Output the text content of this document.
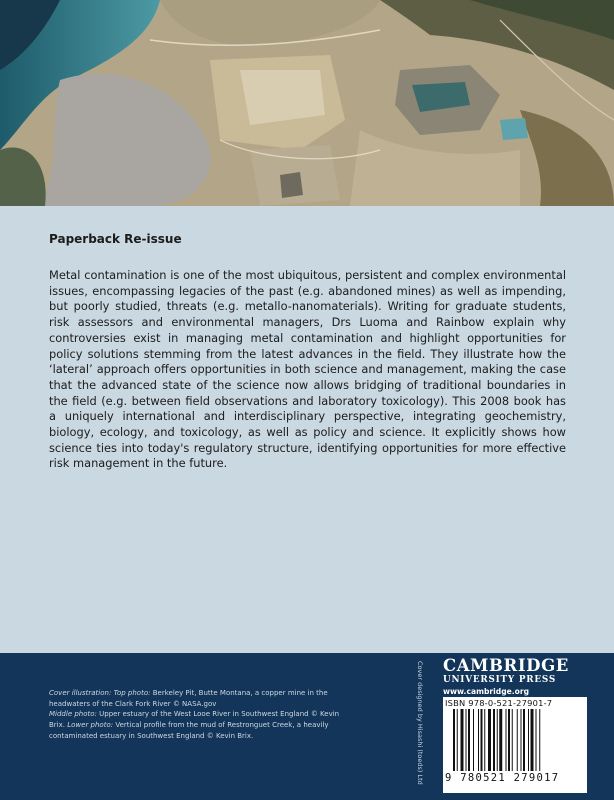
Paperback Re-issue

Metal contamination is one of the most ubiquitous, persistent and complex environmental issues, encompassing legacies of the past (e.g. abandoned mines) as well as impending, but poorly studied, threats (e.g. metallo-nanomaterials). Writing for graduate students, risk assessors and environmental managers, Drs Luoma and Rainbow explain why controversies exist in managing metal contamination and highlight opportunities for policy solutions stemming from the latest advances in the field. They illustrate how the ‘lateral’ approach offers opportunities in both science and management, making the case that the advanced state of the science now allows bridging of traditional boundaries in the field (e.g. between field observations and laboratory toxicology). This 2008 book has a uniquely international and interdisciplinary perspective, integrating geochemistry, biology, ecology, and toxicology, as well as policy and science. It explicitly shows how science ties into today's regulatory structure, identifying opportunities for more effective risk management in the future.

Cover illustration: Top photo: Berkeley Pit, Butte Montana, a copper mine in the headwaters of the Clark Fork River © NASA.gov
Middle photo: Upper estuary of the West Looe River in Southwest England © Kevin Brix. Lower photo: Vertical profile from the mud of Restronguet Creek, a heavily contaminated estuary in Southwest England © Kevin Brix.	Cover designed by Hisashi (toeds) Ltd CAMBRIDGE
UNIVERSITY PRESS
www.cambridge.org
ISBN 978-0-521-27901-7
9 780521 279017
